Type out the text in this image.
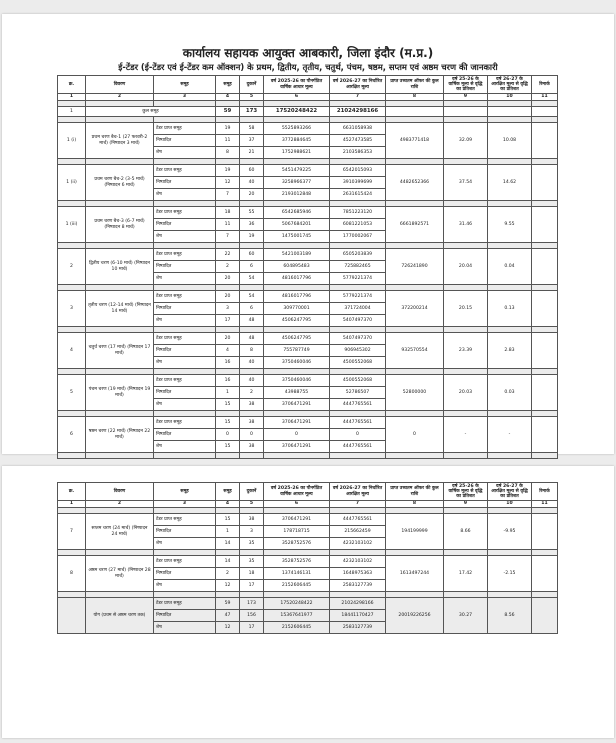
कार्यालय सहायक आयुक्त आबकारी, जिला इंदौर (म.प्र.)
ई-टेंडर (ई-टेंडर एवं ई-टेंडर कम ऑक्शन) के प्रथम, द्वितीय, तृतीय, चतुर्थ, पंचम, षष्ठम, सप्तम एवं अष्ठम चरण की जानकारी
क्र.	विवरण	समूह	समूह	दुकानें	वर्ष 2025-26 का पौनर्गठित वार्षिक आधार मूल्य	वर्ष 2026-27 का निर्धारित आरक्षित मूल्य	प्राप्त उच्चतम ऑफर की कुल राशि	वर्ष 25-26 के वार्षिक मूल्य से वृद्धि का प्रतिशत	वर्ष 26-27 के आरक्षित मूल्य से वृद्धि का प्रतिशत	रिमार्क
1	2	3	4	5	6	7	8	9	10	11

1	कुल समूह		59	173	17520248422	21024298166				

1 (i)	प्रथम चरण बैच-1 (27 फरवरी-2 मार्च) (निष्पादन 3 मार्च)	टेंडर प्राप्त समूह	19	58	5525893266	6631058938	4983771418	32.09	10.08	
		निष्पादित	11	37	3772884645	4527473585				
		शेष	8	21	1752988621	2103586353				

1 (ii)	प्रथम चरण बैच-2 (3-5 मार्च) (निष्पादन 6 मार्च)	टेंडर प्राप्त समूह	19	60	5451479225	6542015093	4482652366	37.54	14.62	
		निष्पादित	12	40	3258966377	3910399699				
		शेष	7	20	2193012848	2631615424				

1 (iii)	प्रथम चरण बैच-3 (6-7 मार्च) (निष्पादन 8 मार्च)	टेंडर प्राप्त समूह	18	55	6542685946	7851223120	6661892571	31.46	9.55	
		निष्पादित	11	36	5067684201	6081221053				
		शेष	7	19	1475001745	1770002067				

2	द्वितीय चरण (6-10 मार्च) (निष्पादन 10 मार्च)	टेंडर प्राप्त समूह	22	60	5421003189	6505203839	726241890	20.04	0.04	
		निष्पादित	2	6	604895483	725882465				
		शेष	20	54	4816017796	5779221374				

3	तृतीय चरण (12-14 मार्च) (निष्पादन 14 मार्च)	टेंडर प्राप्त समूह	20	54	4816017796	5779221374	372200214	20.15	0.13	
		निष्पादित	3	6	309770001	371724004				
		शेष	17	48	4506247795	5407497370				

4	चतुर्थ चरण (17 मार्च) (निष्पादन 17 मार्च)	टेंडर प्राप्त समूह	20	48	4506247795	5407497370	932570554	23.39	2.83	
		निष्पादित	4	8	755787749	906945302				
		शेष	16	40	3750460046	4500552068				

5	पंचम चरण (19 मार्च) (निष्पादन 19 मार्च)	टेंडर प्राप्त समूह	16	40	3750460046	4500552068	52800000	20.03	0.03	
		निष्पादित	1	2	43988755	52786507				
		शेष	15	38	3706471291	4447765561				

6	षष्ठम चरण (22 मार्च) (निष्पादन 22 मार्च)	टेंडर प्राप्त समूह	15	38	3706471291	4447765561	0	-	-	
		निष्पादित	0	0	0	0				
		शेष	15	38	3706471291	4447765561				

क्र.	विवरण	समूह	समूह	दुकानें	वर्ष 2025-26 का पौनर्गठित वार्षिक आधार मूल्य	वर्ष 2026-27 का निर्धारित आरक्षित मूल्य	प्राप्त उच्चतम ऑफर की कुल राशि	वर्ष 25-26 के वार्षिक मूल्य से वृद्धि का प्रतिशत	वर्ष 26-27 के आरक्षित मूल्य से वृद्धि का प्रतिशत	रिमार्क
1	2	3	4	5	6	7	8	9	10	11

7	सप्तम चरण (24 मार्च) (निष्पादन 24 मार्च)	टेंडर प्राप्त समूह	15	38	3706471291	4447765561	194199999	8.66	-9.95	
		निष्पादित	1	3	178718715	215662459				
		शेष	14	35	3528752576	4232103102				

8	अष्ठम चरण (27 मार्च) (निष्पादन 28 मार्च)	टेंडर प्राप्त समूह	14	35	3528752576	4232103102	1613497244	17.42	-2.15	
		निष्पादित	2	18	1374146131	1648975363				
		शेष	12	17	2152606445	2583127739				

	योग (प्रथम से अष्ठम चरण तक)	टेंडर प्राप्त समूह	59	173	17520248422	21024298166	20019226256	30.27	8.56	
		निष्पादित	47	156	15367641977	18441170427				
		शेष	12	17	2152606445	2583127739				
